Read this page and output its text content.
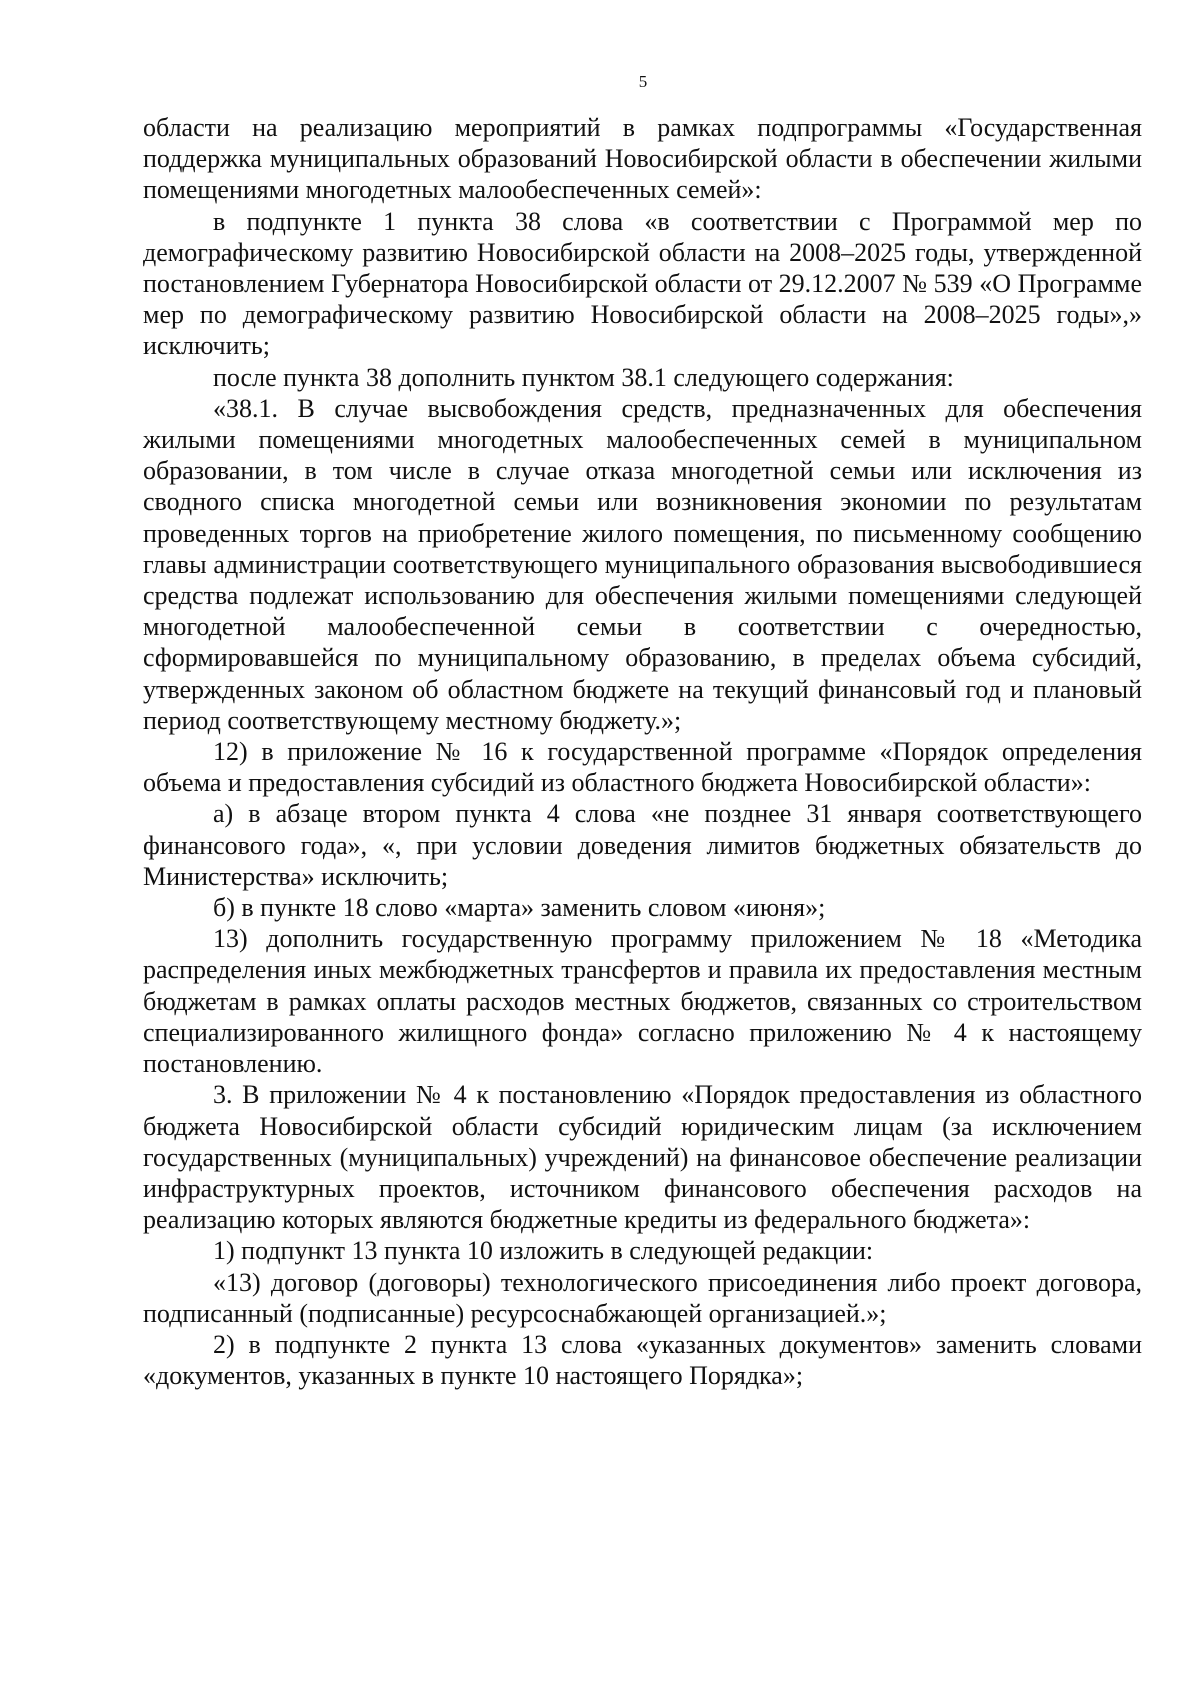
5

области на реализацию мероприятий в рамках подпрограммы «Государственная поддержка муниципальных образований Новосибирской области в обеспечении жилыми помещениями многодетных малообеспеченных семей»:

в подпункте 1 пункта 38 слова «в соответствии с Программой мер по демографическому развитию Новосибирской области на 2008–2025 годы, утвержденной постановлением Губернатора Новосибирской области от 29.12.2007 № 539 «О Программе мер по демографическому развитию Новосибирской области на 2008–2025 годы»,» исключить;

после пункта 38 дополнить пунктом 38.1 следующего содержания:

«38.1. В случае высвобождения средств, предназначенных для обеспечения жилыми помещениями многодетных малообеспеченных семей в муниципальном образовании, в том числе в случае отказа многодетной семьи или исключения из сводного списка многодетной семьи или возникновения экономии по результатам проведенных торгов на приобретение жилого помещения, по письменному сообщению главы администрации соответствующего муниципального образования высвободившиеся средства подлежат использованию для обеспечения жилыми помещениями следующей многодетной малообеспеченной семьи в соответствии с очередностью, сформировавшейся по муниципальному образованию, в пределах объема субсидий, утвержденных законом об областном бюджете на текущий финансовый год и плановый период соответствующему местному бюджету.»;

12) в приложение № 16 к государственной программе «Порядок определения объема и предоставления субсидий из областного бюджета Новосибирской области»:

а) в абзаце втором пункта 4 слова «не позднее 31 января соответствующего финансового года», «, при условии доведения лимитов бюджетных обязательств до Министерства» исключить;

б) в пункте 18 слово «марта» заменить словом «июня»;

13) дополнить государственную программу приложением № 18 «Методика распределения иных межбюджетных трансфертов и правила их предоставления местным бюджетам в рамках оплаты расходов местных бюджетов, связанных со строительством специализированного жилищного фонда» согласно приложению № 4 к настоящему постановлению.

3. В приложении № 4 к постановлению «Порядок предоставления из областного бюджета Новосибирской области субсидий юридическим лицам (за исключением государственных (муниципальных) учреждений) на финансовое обеспечение реализации инфраструктурных проектов, источником финансового обеспечения расходов на реализацию которых являются бюджетные кредиты из федерального бюджета»:

1) подпункт 13 пункта 10 изложить в следующей редакции:

«13) договор (договоры) технологического присоединения либо проект договора, подписанный (подписанные) ресурсоснабжающей организацией.»;

2) в подпункте 2 пункта 13 слова «указанных документов» заменить словами «документов, указанных в пункте 10 настоящего Порядка»;
